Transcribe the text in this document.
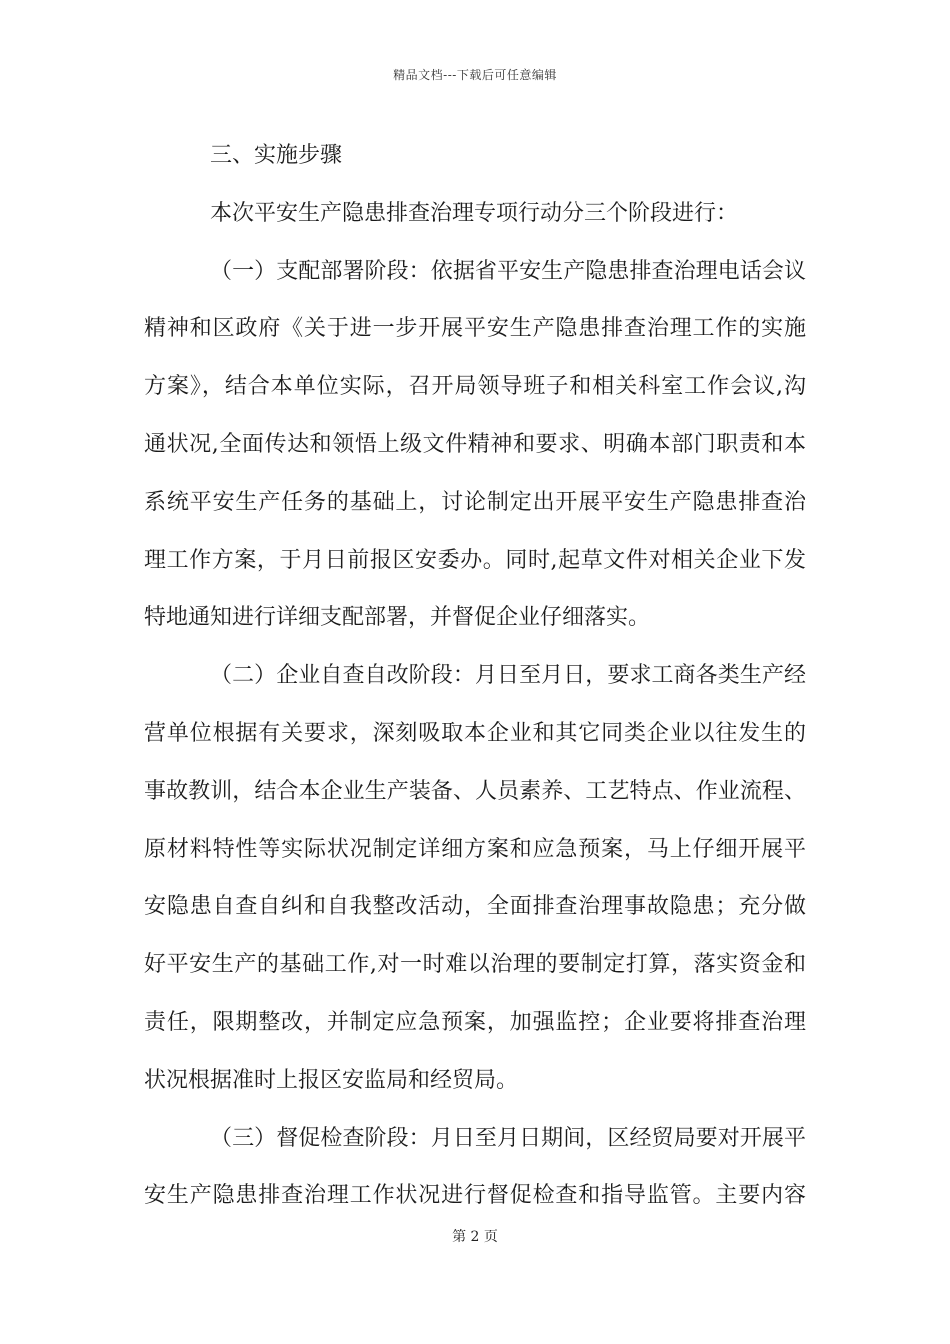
精品文档---下载后可任意编辑
三、实施步骤
本次平安生产隐患排查治理专项行动分三个阶段进行：
（一）支配部署阶段：依据省平安生产隐患排查治理电话会议
精神和区政府《关于进一步开展平安生产隐患排查治理工作的实施
方案》，结合本单位实际，召开局领导班子和相关科室工作会议,沟
通状况,全面传达和领悟上级文件精神和要求、明确本部门职责和本
系统平安生产任务的基础上，讨论制定出开展平安生产隐患排查治
理工作方案，于月日前报区安委办。同时,起草文件对相关企业下发
特地通知进行详细支配部署，并督促企业仔细落实。
（二）企业自查自改阶段：月日至月日，要求工商各类生产经
营单位根据有关要求，深刻吸取本企业和其它同类企业以往发生的
事故教训，结合本企业生产装备、人员素养、工艺特点、作业流程、
原材料特性等实际状况制定详细方案和应急预案，马上仔细开展平
安隐患自查自纠和自我整改活动，全面排查治理事故隐患；充分做
好平安生产的基础工作,对一时难以治理的要制定打算，落实资金和
责任，限期整改，并制定应急预案，加强监控；企业要将排查治理
状况根据准时上报区安监局和经贸局。
（三）督促检查阶段：月日至月日期间，区经贸局要对开展平
安生产隐患排查治理工作状况进行督促检查和指导监管。主要内容
第 2 页
